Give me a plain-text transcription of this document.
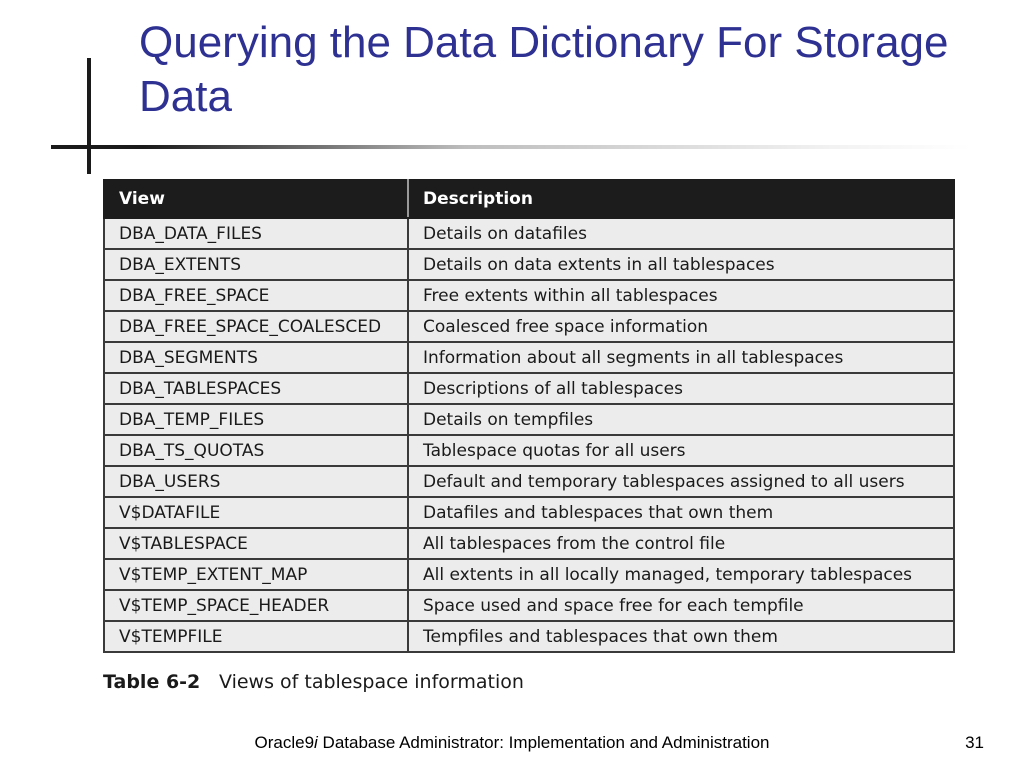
Querying the Data Dictionary For Storage Data
View	Description
DBA_DATA_FILES	Details on datafiles
DBA_EXTENTS	Details on data extents in all tablespaces
DBA_FREE_SPACE	Free extents within all tablespaces
DBA_FREE_SPACE_COALESCED	Coalesced free space information
DBA_SEGMENTS	Information about all segments in all tablespaces
DBA_TABLESPACES	Descriptions of all tablespaces
DBA_TEMP_FILES	Details on tempfiles
DBA_TS_QUOTAS	Tablespace quotas for all users
DBA_USERS	Default and temporary tablespaces assigned to all users
V$DATAFILE	Datafiles and tablespaces that own them
V$TABLESPACE	All tablespaces from the control file
V$TEMP_EXTENT_MAP	All extents in all locally managed, temporary tablespaces
V$TEMP_SPACE_HEADER	Space used and space free for each tempfile
V$TEMPFILE	Tempfiles and tablespaces that own them
Table 6-2 Views of tablespace information
Oracle9i Database Administrator: Implementation and Administration	31
